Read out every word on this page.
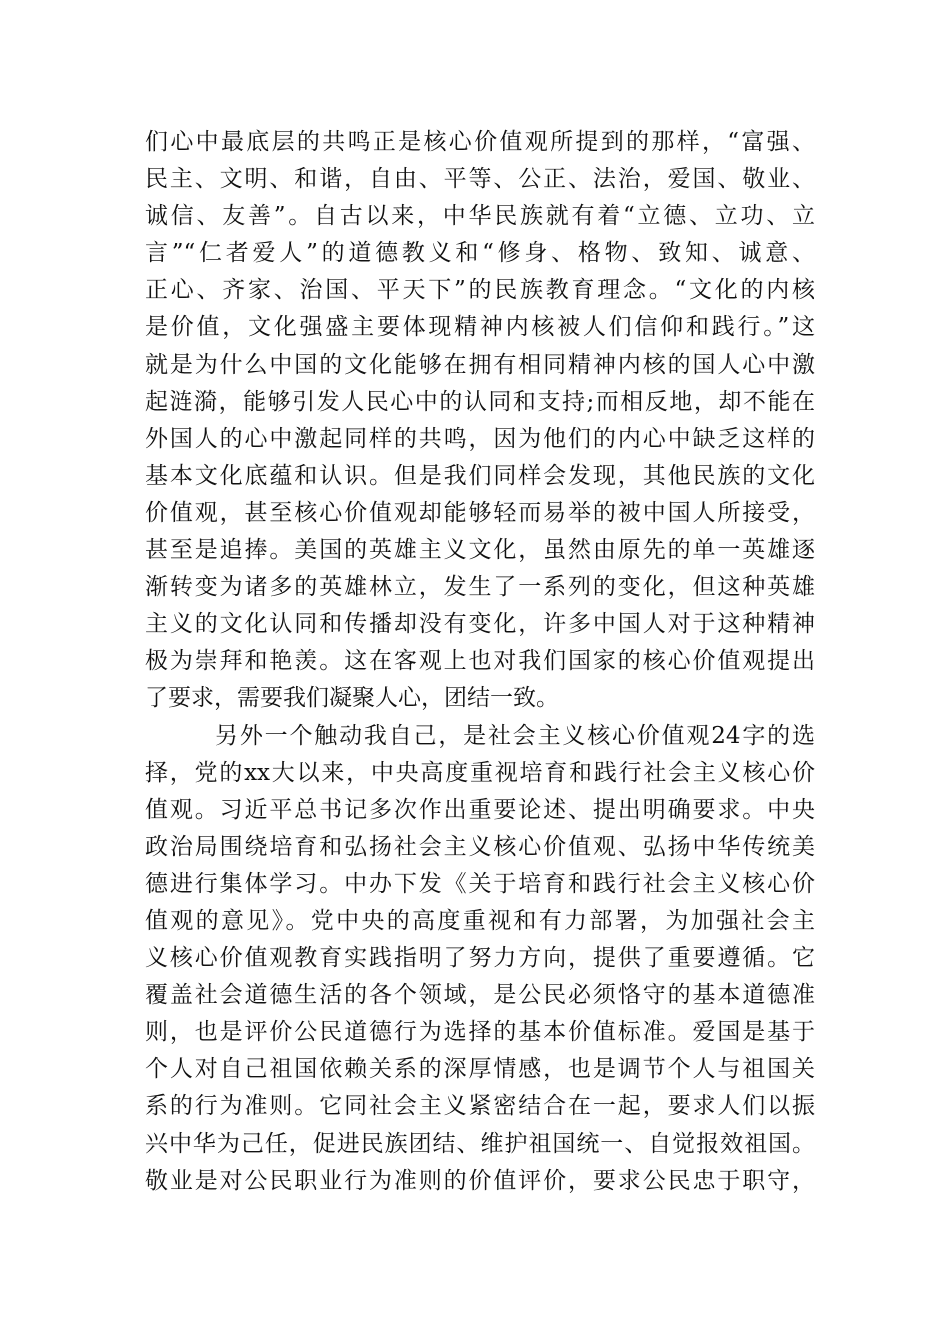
们心中最底层的共鸣正是核心价值观所提到的那样，“富强、
民主、文明、和谐，自由、平等、公正、法治，爱国、敬业、
诚信、友善”。自古以来，中华民族就有着“立德、立功、立
言”“仁者爱人”的道德教义和“修身、格物、致知、诚意、
正心、齐家、治国、平天下”的民族教育理念。“文化的内核
是价值，文化强盛主要体现精神内核被人们信仰和践行。”这
就是为什么中国的文化能够在拥有相同精神内核的国人心中激
起涟漪，能够引发人民心中的认同和支持;而相反地，却不能在
外国人的心中激起同样的共鸣，因为他们的内心中缺乏这样的
基本文化底蕴和认识。但是我们同样会发现，其他民族的文化
价值观，甚至核心价值观却能够轻而易举的被中国人所接受，
甚至是追捧。美国的英雄主义文化，虽然由原先的单一英雄逐
渐转变为诸多的英雄林立，发生了一系列的变化，但这种英雄
主义的文化认同和传播却没有变化，许多中国人对于这种精神
极为崇拜和艳羡。这在客观上也对我们国家的核心价值观提出
了要求，需要我们凝聚人心，团结一致。
另外一个触动我自己，是社会主义核心价值观24字的选
择，党的xx大以来，中央高度重视培育和践行社会主义核心价
值观。习近平总书记多次作出重要论述、提出明确要求。中央
政治局围绕培育和弘扬社会主义核心价值观、弘扬中华传统美
德进行集体学习。中办下发《关于培育和践行社会主义核心价
值观的意见》。党中央的高度重视和有力部署，为加强社会主
义核心价值观教育实践指明了努力方向，提供了重要遵循。它
覆盖社会道德生活的各个领域，是公民必须恪守的基本道德准
则，也是评价公民道德行为选择的基本价值标准。爱国是基于
个人对自己祖国依赖关系的深厚情感，也是调节个人与祖国关
系的行为准则。它同社会主义紧密结合在一起，要求人们以振
兴中华为己任，促进民族团结、维护祖国统一、自觉报效祖国。
敬业是对公民职业行为准则的价值评价，要求公民忠于职守，
